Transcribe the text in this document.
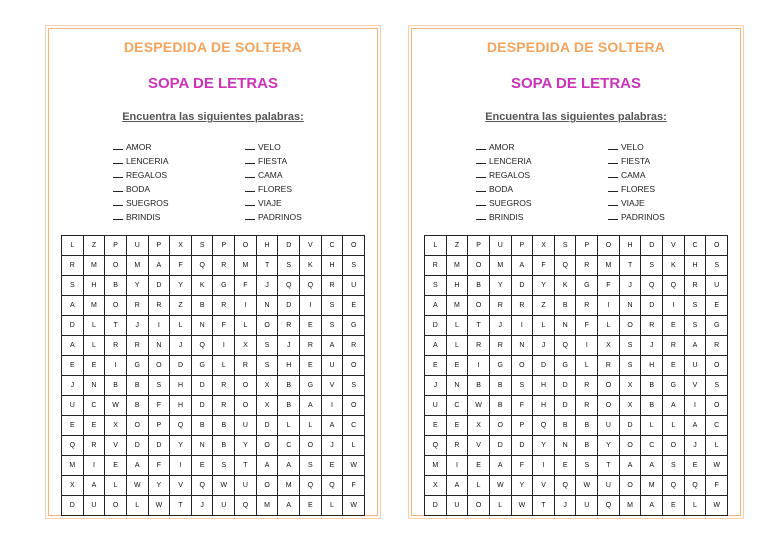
DESPEDIDA DE SOLTERA
SOPA DE LETRAS
Encuentra las siguientes palabras:
AMOR
LENCERIA
REGALOS
BODA
SUEGROS
BRINDIS
VELO
FIESTA
CAMA
FLORES
VIAJE
PADRINOS
L	Z	P	U	P	X	S	P	O	H	D	V	C	O
R	M	O	M	A	F	Q	R	M	T	S	K	H	S
S	H	B	Y	D	Y	K	G	F	J	Q	Q	R	U
A	M	O	R	R	Z	B	R	I	N	D	I	S	E
D	L	T	J	I	L	N	F	L	O	R	E	S	G
A	L	R	R	N	J	Q	I	X	S	J	R	A	R
E	E	I	G	O	D	G	L	R	S	H	E	U	O
J	N	B	B	S	H	D	R	O	X	B	G	V	S
U	C	W	B	F	H	D	R	O	X	B	A	I	O
E	E	X	O	P	Q	B	B	U	D	L	L	A	C
Q	R	V	D	D	Y	N	B	Y	O	C	O	J	L
M	I	E	A	F	I	E	S	T	A	A	S	E	W
X	A	L	W	Y	V	Q	W	U	O	M	Q	Q	F
D	U	O	L	W	T	J	U	Q	M	A	E	L	W
DESPEDIDA DE SOLTERA
SOPA DE LETRAS
Encuentra las siguientes palabras:
AMOR
LENCERIA
REGALOS
BODA
SUEGROS
BRINDIS
VELO
FIESTA
CAMA
FLORES
VIAJE
PADRINOS
L	Z	P	U	P	X	S	P	O	H	D	V	C	O
R	M	O	M	A	F	Q	R	M	T	S	K	H	S
S	H	B	Y	D	Y	K	G	F	J	Q	Q	R	U
A	M	O	R	R	Z	B	R	I	N	D	I	S	E
D	L	T	J	I	L	N	F	L	O	R	E	S	G
A	L	R	R	N	J	Q	I	X	S	J	R	A	R
E	E	I	G	O	D	G	L	R	S	H	E	U	O
J	N	B	B	S	H	D	R	O	X	B	G	V	S
U	C	W	B	F	H	D	R	O	X	B	A	I	O
E	E	X	O	P	Q	B	B	U	D	L	L	A	C
Q	R	V	D	D	Y	N	B	Y	O	C	O	J	L
M	I	E	A	F	I	E	S	T	A	A	S	E	W
X	A	L	W	Y	V	Q	W	U	O	M	Q	Q	F
D	U	O	L	W	T	J	U	Q	M	A	E	L	W
